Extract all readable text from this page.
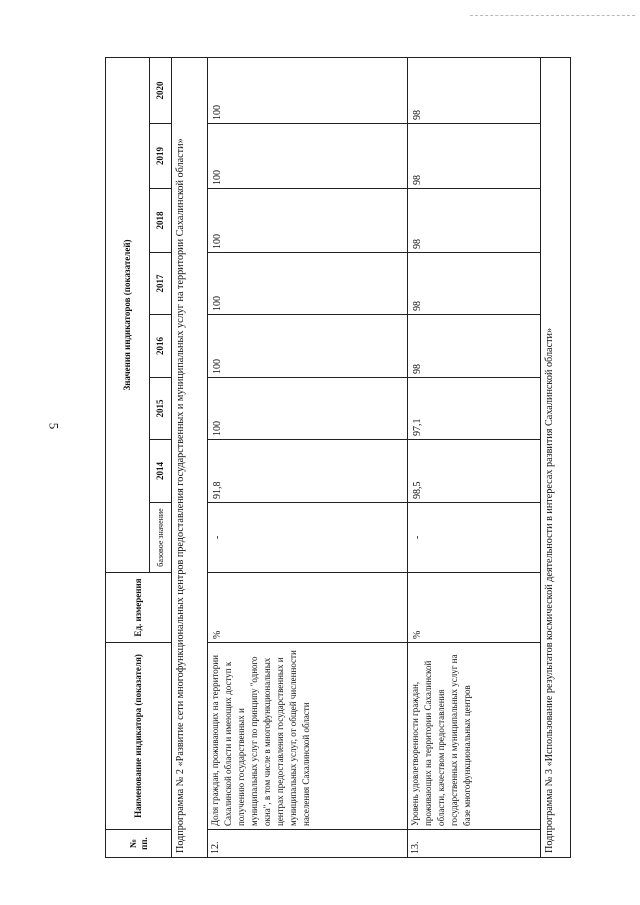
5
№ пп.	Наименование индикатора (показателя)	Ед. измерения	Значения индикаторов (показателей)							
			базовое значение	2014	2015	2016	2017	2018	2019	2020
Подпрограмма № 2 «Развитие сети многофункциональных центров предоставления государственных и муниципальных услуг на территории Сахалинской области»										
12.	Доля граждан, проживающих на территории Сахалинской области и имеющих доступ к получению государственных и муниципальных услуг по принципу "одного окна", в том числе в многофункциональных центрах предоставления государственных и муниципальных услуг, от общей численности населения Сахалинской области	%	-	91,8	100	100	100	100	100	100
13.	Уровень удовлетворенности граждан, проживающих на территории Сахалинской области, качеством предоставления государственных и муниципальных услуг на базе многофункциональных центров	%	-	98,5	97,1	98	98	98	98	98
Подпрограмма № 3 «Использование результатов космической деятельности в интересах развития Сахалинской области»										
